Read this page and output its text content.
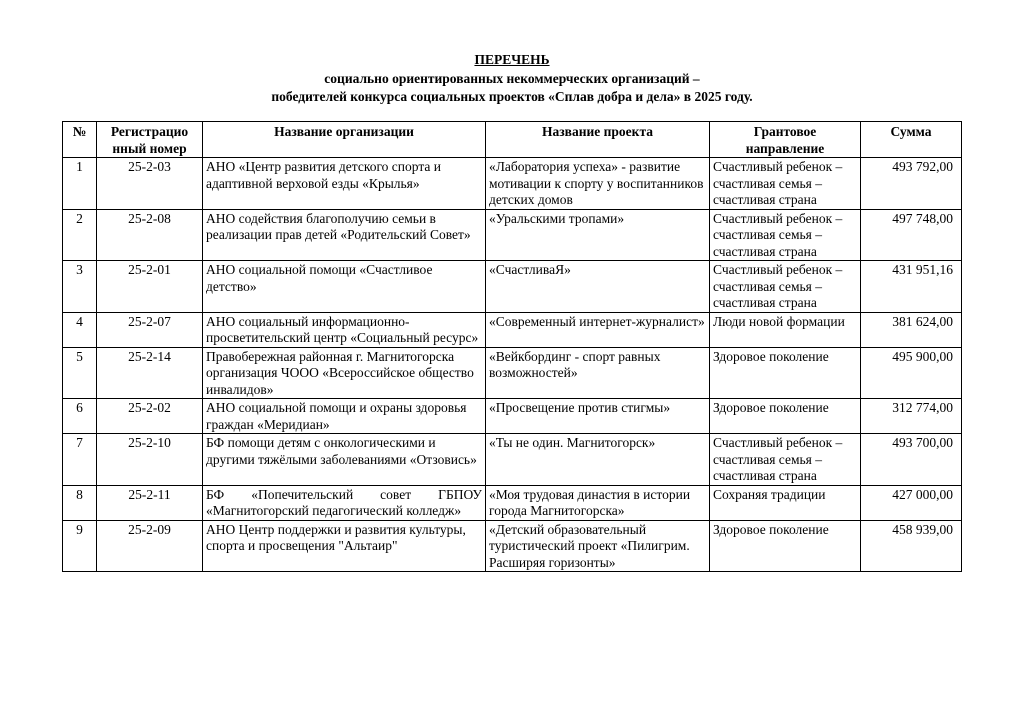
ПЕРЕЧЕНЬ
социально ориентированных некоммерческих организаций –
победителей конкурса социальных проектов «Сплав добра и дела» в 2025 году.
№	Регистрацио нный номер	Название организации	Название проекта	Грантовое направление	Сумма
1	25-2-03	АНО «Центр развития детского спорта и адаптивной верховой езды «Крылья»	«Лаборатория успеха» - развитие мотивации к спорту у воспитанников детских домов	Счастливый ребенок – счастливая семья – счастливая страна	493 792,00
2	25-2-08	АНО содействия благополучию семьи в реализации прав детей «Родительский Совет»	«Уральскими тропами»	Счастливый ребенок – счастливая семья – счастливая страна	497 748,00
3	25-2-01	АНО социальной помощи «Счастливое детство»	«СчастливаЯ»	Счастливый ребенок – счастливая семья – счастливая страна	431 951,16
4	25-2-07	АНО социальный информационно-просветительский центр «Социальный ресурс»	«Современный интернет-журналист»	Люди новой формации	381 624,00
5	25-2-14	Правобережная районная г. Магнитогорска организация ЧООО «Всероссийское общество инвалидов»	«Вейкбординг - спорт равных возможностей»	Здоровое поколение	495 900,00
6	25-2-02	АНО социальной помощи и охраны здоровья граждан «Меридиан»	«Просвещение против стигмы»	Здоровое поколение	312 774,00
7	25-2-10	БФ помощи детям с онкологическими и другими тяжёлыми заболеваниями «Отзовись»	«Ты не один. Магнитогорск»	Счастливый ребенок – счастливая семья – счастливая страна	493 700,00
8	25-2-11	БФ «Попечительский совет ГБПОУ «Магнитогорский педагогический колледж»	«Моя трудовая династия в истории города Магнитогорска»	Сохраняя традиции	427 000,00
9	25-2-09	АНО Центр поддержки и развития культуры, спорта и просвещения "Альтаир"	«Детский образовательный туристический проект «Пилигрим. Расширяя горизонты»	Здоровое поколение	458 939,00
